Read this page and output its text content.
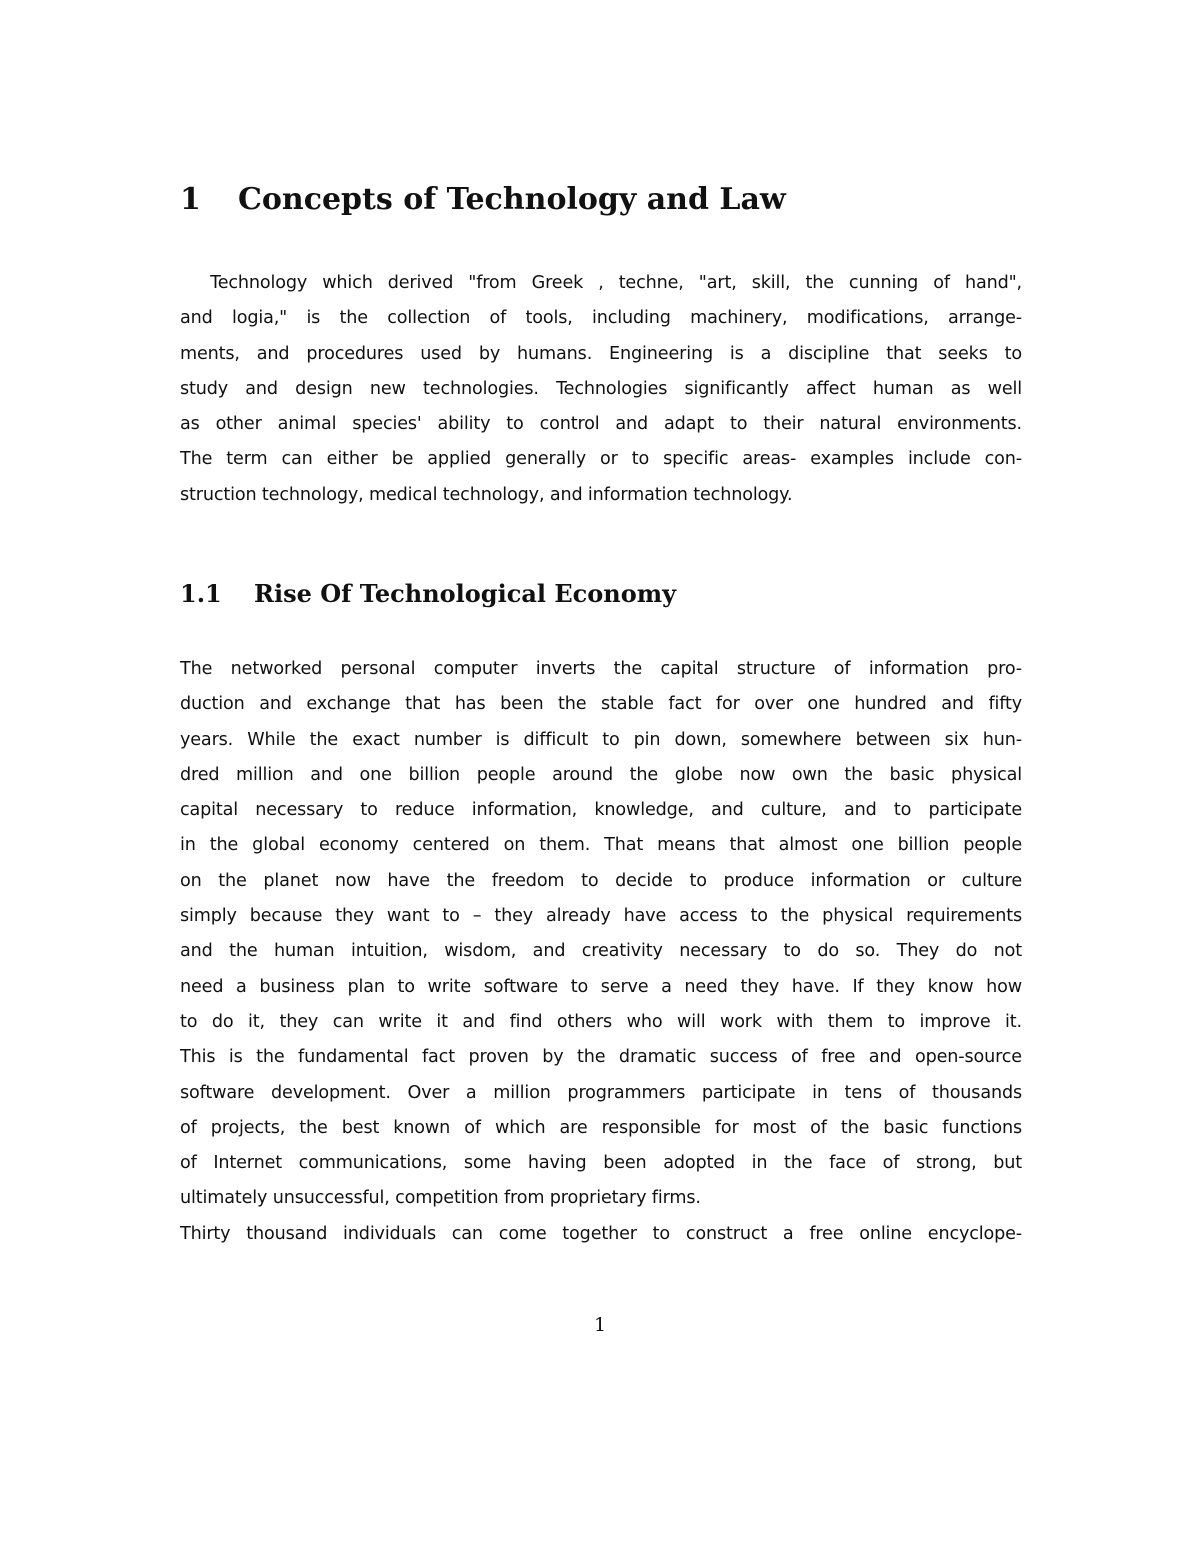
1 Concepts of Technology and Law
Technology which derived "from Greek , techne, "art, skill, the cunning of hand",
and logia," is the collection of tools, including machinery, modifications, arrange-
ments, and procedures used by humans. Engineering is a discipline that seeks to
study and design new technologies. Technologies significantly affect human as well
as other animal species' ability to control and adapt to their natural environments.
The term can either be applied generally or to specific areas- examples include con-
struction technology, medical technology, and information technology.
1.1 Rise Of Technological Economy
The networked personal computer inverts the capital structure of information pro-
duction and exchange that has been the stable fact for over one hundred and fifty
years. While the exact number is difficult to pin down, somewhere between six hun-
dred million and one billion people around the globe now own the basic physical
capital necessary to reduce information, knowledge, and culture, and to participate
in the global economy centered on them. That means that almost one billion people
on the planet now have the freedom to decide to produce information or culture
simply because they want to – they already have access to the physical requirements
and the human intuition, wisdom, and creativity necessary to do so. They do not
need a business plan to write software to serve a need they have. If they know how
to do it, they can write it and find others who will work with them to improve it.
This is the fundamental fact proven by the dramatic success of free and open-source
software development. Over a million programmers participate in tens of thousands
of projects, the best known of which are responsible for most of the basic functions
of Internet communications, some having been adopted in the face of strong, but
ultimately unsuccessful, competition from proprietary firms.
Thirty thousand individuals can come together to construct a free online encyclope-
1
